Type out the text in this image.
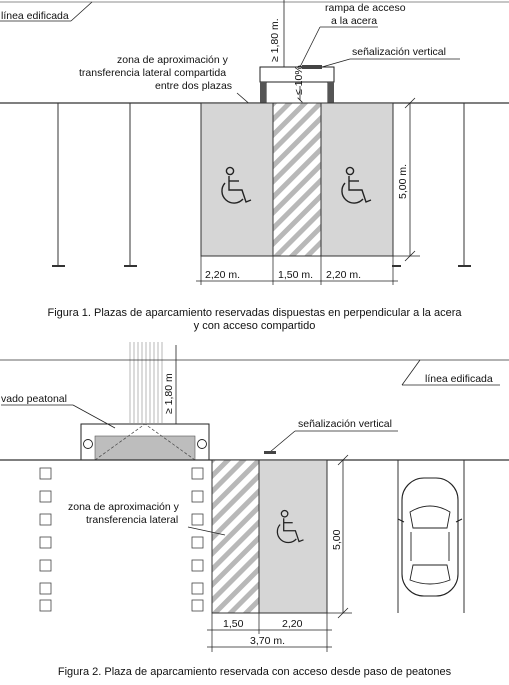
línea edificada
≤ 10%
≥ 1,80 m.
rampa de acceso
a la acera
señalización vertical
zona de aproximación y
transferencia lateral compartida
entre dos plazas
5,00 m.
2,20 m.	1,50 m. 2,20 m.
≥ 1,80 m	línea edificada
vado peatonal
señalización vertical
zona de aproximación y
transferencia lateral
5,00
1,50	2,20
3,70 m.
Figura 1. Plazas de aparcamiento reservadas dispuestas en perpendicular a la acera
y con acceso compartido
Figura 2. Plaza de aparcamiento reservada con acceso desde paso de peatones
